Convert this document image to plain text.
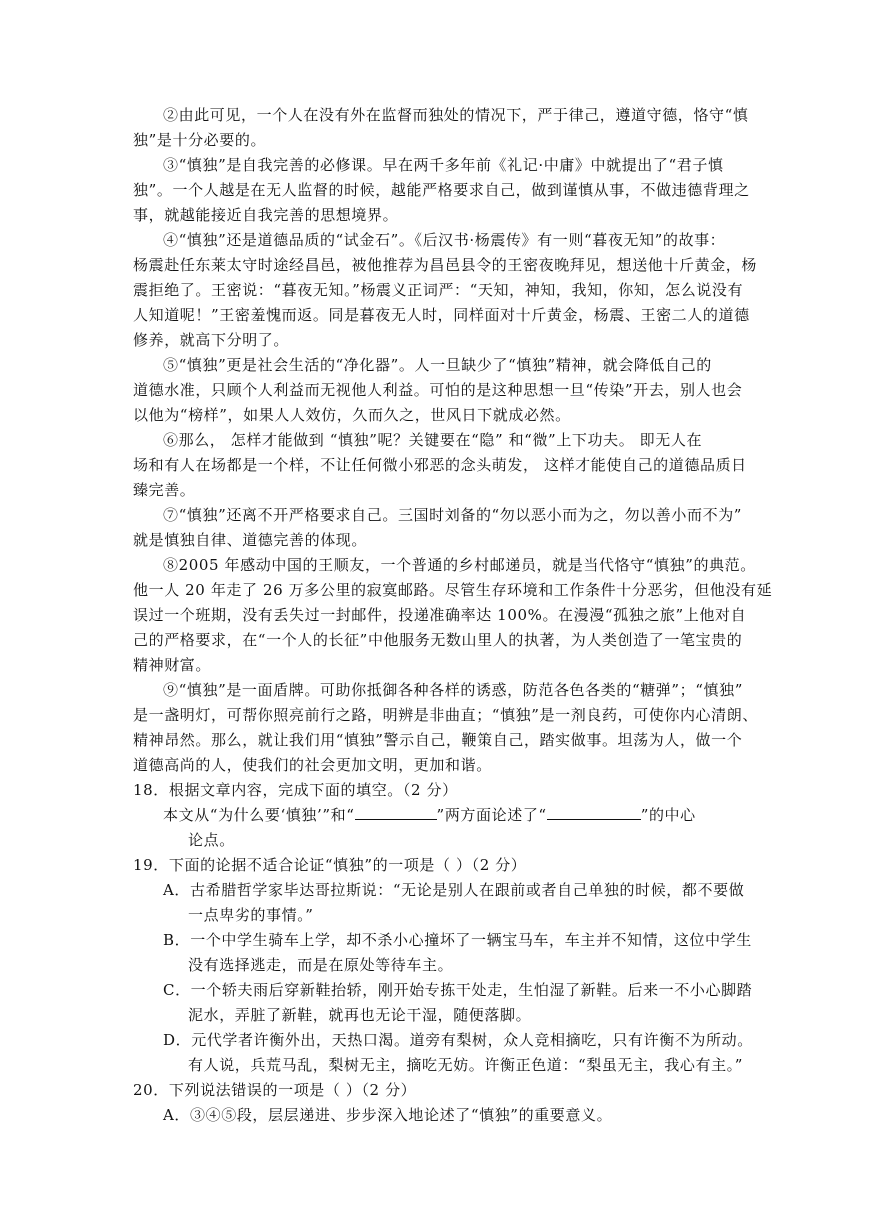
②由此可见，一个人在没有外在监督而独处的情况下，严于律己，遵道守德，恪守“慎
独”是十分必要的。
③“慎独”是自我完善的必修课。早在两千多年前《礼记·中庸》中就提出了“君子慎
独”。一个人越是在无人监督的时候，越能严格要求自己，做到谨慎从事，不做违德背理之
事，就越能接近自我完善的思想境界。
④“慎独”还是道德品质的“试金石”。《后汉书·杨震传》有一则“暮夜无知”的故事：
杨震赴任东莱太守时途经昌邑，被他推荐为昌邑县令的王密夜晚拜见，想送他十斤黄金，杨
震拒绝了。王密说：“暮夜无知。”杨震义正词严：“天知，神知，我知，你知，怎么说没有
人知道呢！”王密羞愧而返。同是暮夜无人时，同样面对十斤黄金，杨震、王密二人的道德
修养，就高下分明了。
⑤“慎独”更是社会生活的“净化器”。人一旦缺少了“慎独”精神，就会降低自己的
道德水准，只顾个人利益而无视他人利益。可怕的是这种思想一旦“传染”开去，别人也会
以他为“榜样”，如果人人效仿，久而久之，世风日下就成必然。
⑥那么， 怎样才能做到 “慎独”呢？关键要在“隐” 和“微”上下功夫。 即无人在
场和有人在场都是一个样，不让任何微小邪恶的念头萌发， 这样才能使自己的道德品质日
臻完善。
⑦“慎独”还离不开严格要求自己。三国时刘备的“勿以恶小而为之，勿以善小而不为”
就是慎独自律、道德完善的体现。
⑧2005 年感动中国的王顺友，一个普通的乡村邮递员，就是当代恪守“慎独”的典范。
他一人 20 年走了 26 万多公里的寂寞邮路。尽管生存环境和工作条件十分恶劣，但他没有延
误过一个班期，没有丢失过一封邮件，投递准确率达 100%。在漫漫“孤独之旅”上他对自
己的严格要求，在“一个人的长征”中他服务无数山里人的执著，为人类创造了一笔宝贵的
精神财富。
⑨“慎独”是一面盾牌。可助你抵御各种各样的诱惑，防范各色各类的“糖弹”；“慎独”
是一盏明灯，可帮你照亮前行之路，明辨是非曲直；“慎独”是一剂良药，可使你内心清朗、
精神昂然。那么，就让我们用“慎独”警示自己，鞭策自己，踏实做事。坦荡为人，做一个
道德高尚的人，使我们的社会更加文明，更加和谐。
18．根据文章内容，完成下面的填空。（2 分）
本文从“为什么要‘慎独’”和“	”两方面论述了“	”的中心
论点。
19．下面的论据不适合论证“慎独”的一项是（ ）（2 分）
A．古希腊哲学家毕达哥拉斯说：“无论是别人在跟前或者自己单独的时候，都不要做
一点卑劣的事情。”
B．一个中学生骑车上学，却不杀小心撞坏了一辆宝马车，车主并不知情，这位中学生
没有选择逃走，而是在原处等待车主。
C．一个轿夫雨后穿新鞋抬轿，刚开始专拣干处走，生怕湿了新鞋。后来一不小心脚踏
泥水，弄脏了新鞋，就再也无论干湿，随便落脚。
D．元代学者许衡外出，天热口渴。道旁有梨树，众人竞相摘吃，只有许衡不为所动。
有人说，兵荒马乱，梨树无主，摘吃无妨。许衡正色道：“梨虽无主，我心有主。”
20．下列说法错误的一项是（ ）（2 分）
A．③④⑤段，层层递进、步步深入地论述了“慎独”的重要意义。
